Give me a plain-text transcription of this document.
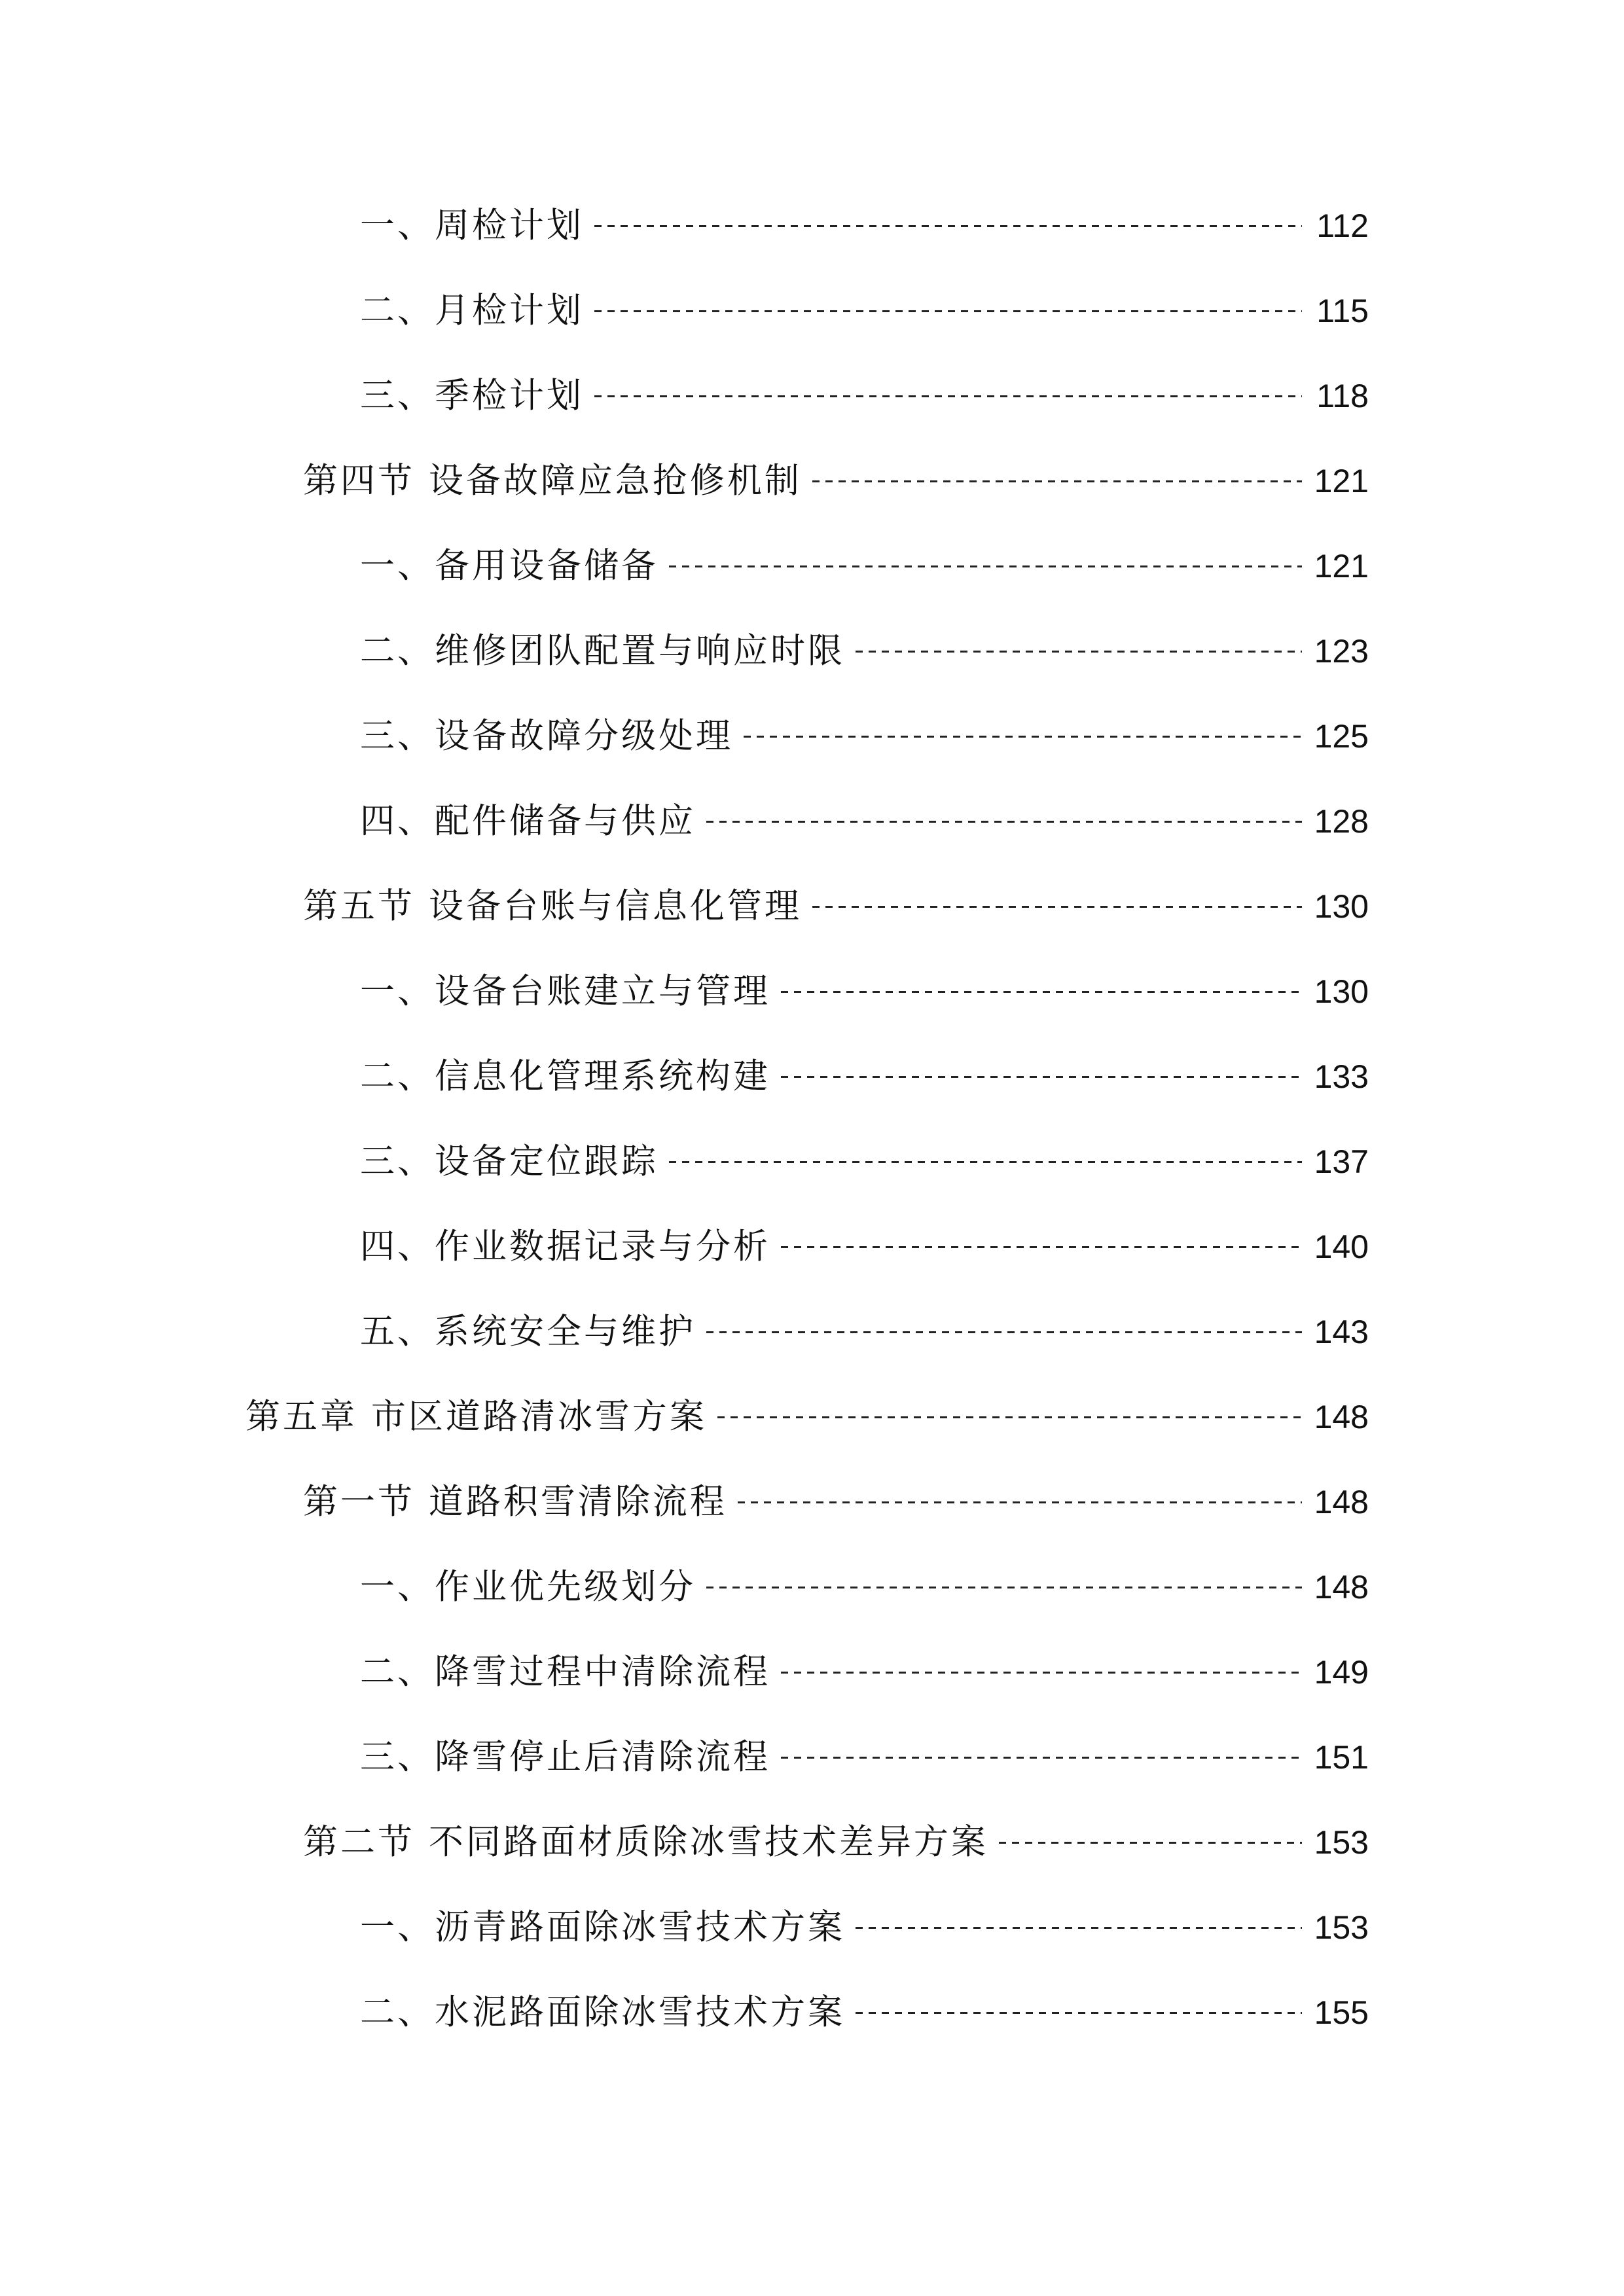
一、周检计划	112
二、月检计划	115
三、季检计划	118
第四节 设备故障应急抢修机制	121
一、备用设备储备	121
二、维修团队配置与响应时限	123
三、设备故障分级处理	125
四、配件储备与供应	128
第五节 设备台账与信息化管理	130
一、设备台账建立与管理	130
二、信息化管理系统构建	133
三、设备定位跟踪	137
四、作业数据记录与分析	140
五、系统安全与维护	143
第五章 市区道路清冰雪方案	148
第一节 道路积雪清除流程	148
一、作业优先级划分	148
二、降雪过程中清除流程	149
三、降雪停止后清除流程	151
第二节 不同路面材质除冰雪技术差异方案	153
一、沥青路面除冰雪技术方案	153
二、水泥路面除冰雪技术方案	155
